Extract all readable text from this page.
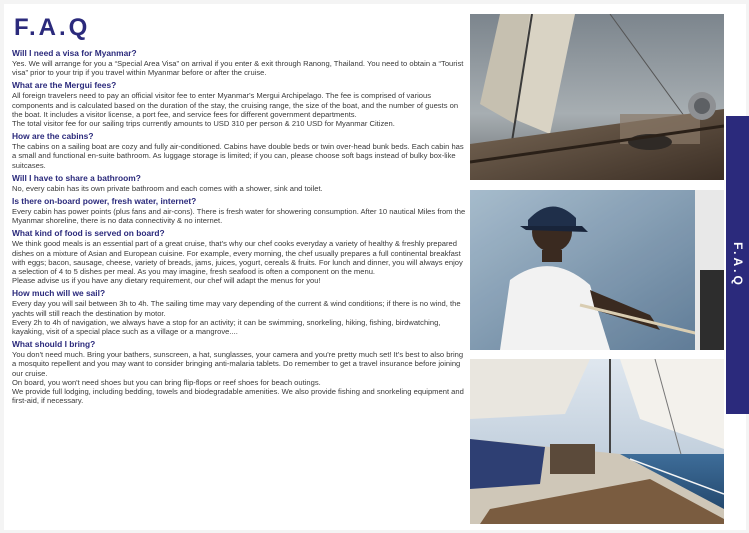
F.A.Q
Will I need a visa for Myanmar?

Yes. We will arrange for you a “Special Area Visa” on arrival if you enter & exit through Ranong, Thailand. You need to obtain a “Tourist visa” prior to your trip if you travel within Myanmar before or after the cruise.

What are the Mergui fees?

All foreign travelers need to pay an official visitor fee to enter Myanmar's Mergui Archipelago. The fee is comprised of various components and is calculated based on the duration of the stay, the cruising range, the size of the boat, and the number of guests on the boat. It includes a visitor license, a port fee, and service fees for different government departments.

The total visitor fee for our sailing trips currently amounts to USD 310 per person & 210 USD for Myanmar Citizen.

How are the cabins?

The cabins on a sailing boat are cozy and fully air-conditioned. Cabins have double beds or twin over-head bunk beds. Each cabin has a small and functional en-suite bathroom. As luggage storage is limited; if you can, please choose soft bags instead of bulky box-like suitcases.

Will I have to share a bathroom?

No, every cabin has its own private bathroom and each comes with a shower, sink and toilet.

Is there on-board power, fresh water, internet?

Every cabin has power points (plus fans and air-cons). There is fresh water for showering consumption. After 10 nautical Miles from the Myanmar shoreline, there is no data connectivity & no internet.

What kind of food is served on board?

We think good meals is an essential part of a great cruise, that's why our chef cooks everyday a variety of healthy & freshly prepared dishes on a mixture of Asian and European cuisine. For example, every morning, the chef usually prepares a full continental breakfast with eggs; bacon, sausage, cheese, variety of breads, jams, juices, yogurt, cereals & fruits. For lunch and dinner, you will always enjoy a selection of 4 to 5 dishes per meal. As you may imagine, fresh seafood is often a component on the menu.

Please advise us if you have any dietary requirement, our chef will adapt the menus for you!

How much will we sail?

Every day you will sail between 3h to 4h. The sailing time may vary depending of the current & wind conditions; if there is no wind, the yachts will still reach the destination by motor.

Every 2h to 4h of navigation, we always have a stop for an activity; it can be swimming, snorkeling, hiking, fishing, birdwatching, kayaking, visit of a special place such as a village or a mangrove....

What should I bring?

You don't need much. Bring your bathers, sunscreen, a hat, sunglasses, your camera and you're pretty much set! It's best to also bring a mosquito repellent and you may want to consider bringing anti-malaria tablets. Do remember to get a travel insurance before joining our cruise.

On board, you won't need shoes but you can bring flip-flops or reef shoes for beach outings.

We provide full lodging, including bedding, towels and biodegradable amenities. We also provide fishing and snorkeling equipment and first-aid, if necessary.

F.A.Q
